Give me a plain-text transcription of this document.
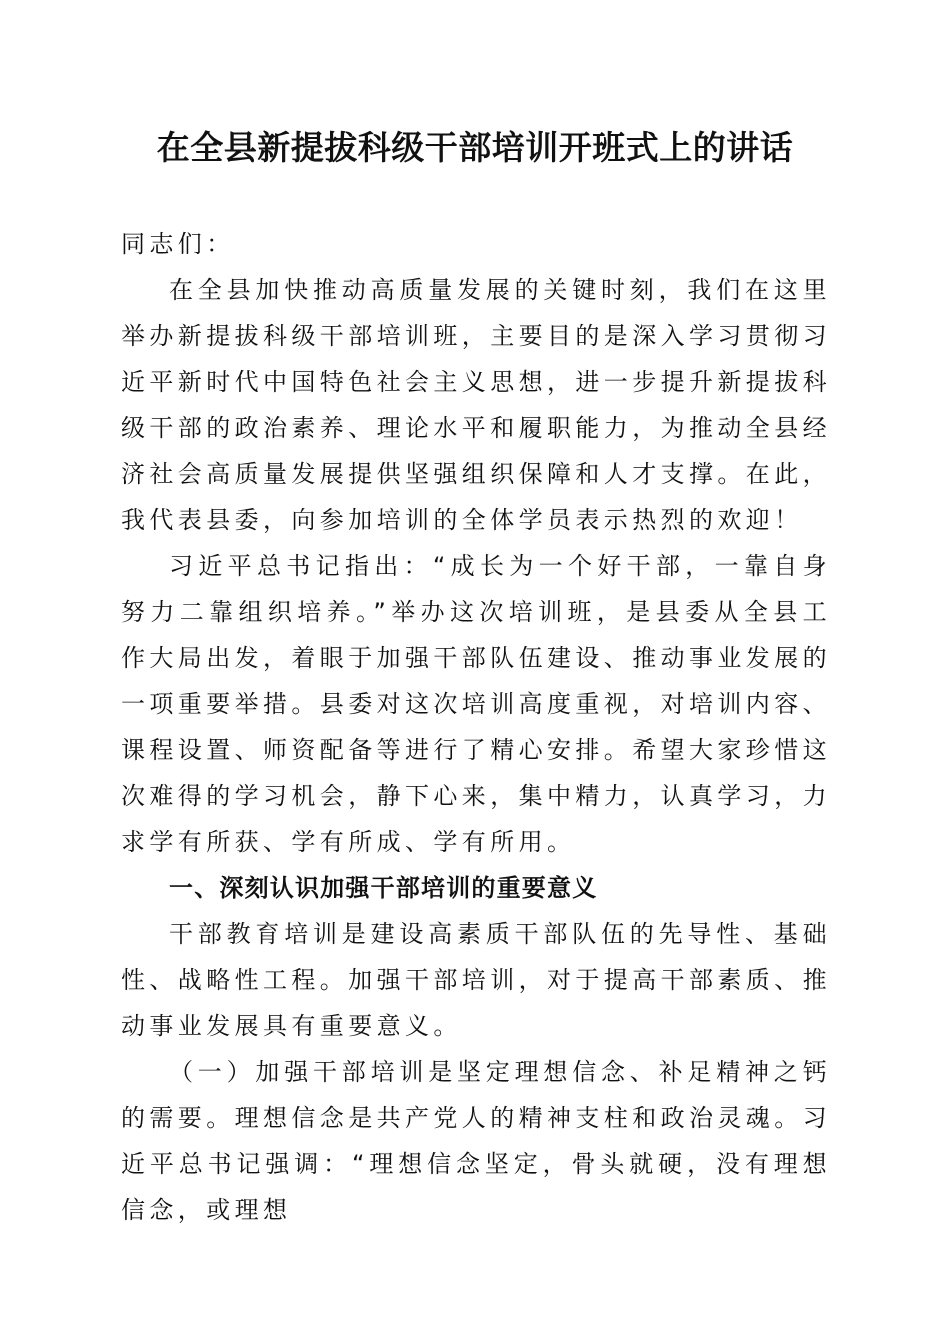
在全县新提拔科级干部培训开班式上的讲话

同志们：

在全县加快推动高质量发展的关键时刻，我们在这里举办新提拔科级干部培训班，主要目的是深入学习贯彻习近平新时代中国特色社会主义思想，进一步提升新提拔科级干部的政治素养、理论水平和履职能力，为推动全县经济社会高质量发展提供坚强组织保障和人才支撑。在此，我代表县委，向参加培训的全体学员表示热烈的欢迎！

习近平总书记指出：“成长为一个好干部，一靠自身努力二靠组织培养。”举办这次培训班，是县委从全县工作大局出发，着眼于加强干部队伍建设、推动事业发展的一项重要举措。县委对这次培训高度重视，对培训内容、课程设置、师资配备等进行了精心安排。希望大家珍惜这次难得的学习机会，静下心来，集中精力，认真学习，力求学有所获、学有所成、学有所用。

一、深刻认识加强干部培训的重要意义

干部教育培训是建设高素质干部队伍的先导性、基础性、战略性工程。加强干部培训，对于提高干部素质、推动事业发展具有重要意义。

（一）加强干部培训是坚定理想信念、补足精神之钙的需要。理想信念是共产党人的精神支柱和政治灵魂。习近平总书记强调：“理想信念坚定，骨头就硬，没有理想信念，或理想
